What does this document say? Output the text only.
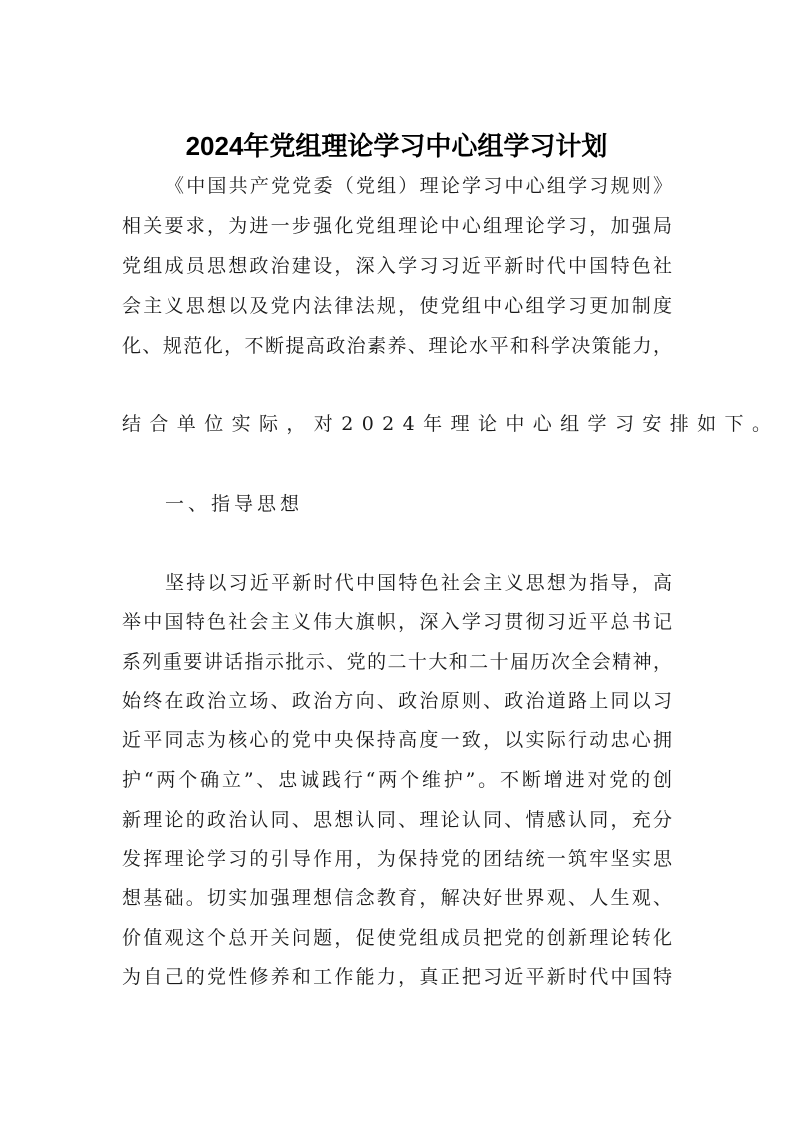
2024年党组理论学习中心组学习计划
《中国共产党党委（党组）理论学习中心组学习规则》
相关要求，为进一步强化党组理论中心组理论学习，加强局
党组成员思想政治建设，深入学习习近平新时代中国特色社
会主义思想以及党内法律法规，使党组中心组学习更加制度
化、规范化，不断提高政治素养、理论水平和科学决策能力，
结合单位实际，对2024年理论中心组学习安排如下。
一、指导思想
坚持以习近平新时代中国特色社会主义思想为指导，高
举中国特色社会主义伟大旗帜，深入学习贯彻习近平总书记
系列重要讲话指示批示、党的二十大和二十届历次全会精神，
始终在政治立场、政治方向、政治原则、政治道路上同以习
近平同志为核心的党中央保持高度一致，以实际行动忠心拥
护“两个确立”、忠诚践行“两个维护”。不断增进对党的创
新理论的政治认同、思想认同、理论认同、情感认同，充分
发挥理论学习的引导作用，为保持党的团结统一筑牢坚实思
想基础。切实加强理想信念教育，解决好世界观、人生观、
价值观这个总开关问题，促使党组成员把党的创新理论转化
为自己的党性修养和工作能力，真正把习近平新时代中国特
